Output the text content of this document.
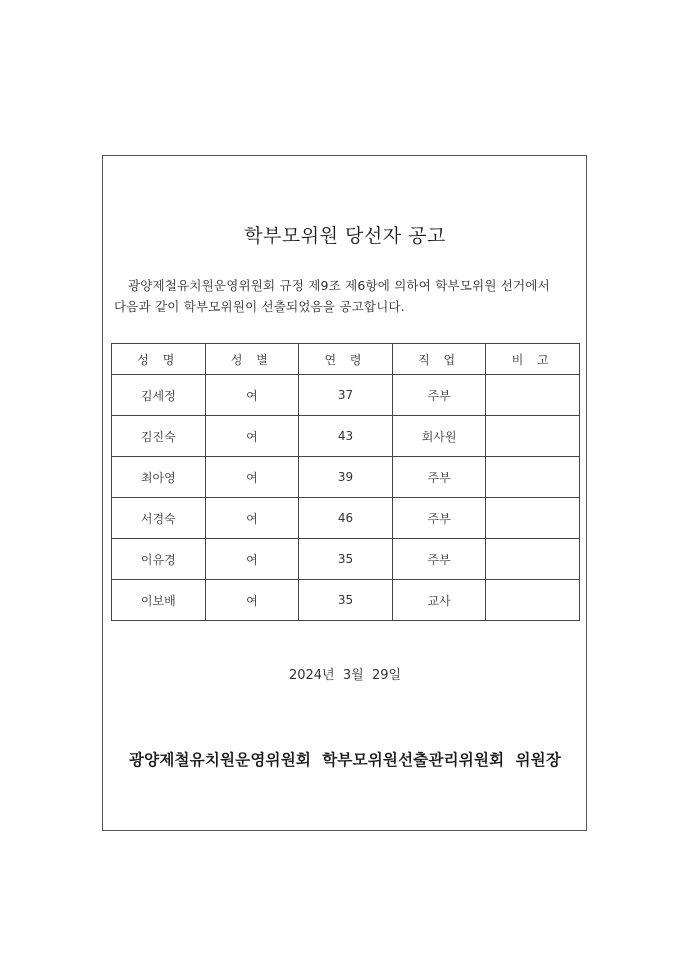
학부모위원 당선자 공고
광양제철유치원운영위원회 규정 제9조 제6항에 의하여 학부모위원 선거에서
다음과 같이 학부모위원이 선출되었음을 공고합니다.
성 명	성 별	연 령	직 업	비 고
김세정	여	37	주부	
김진숙	여	43	회사원	
최아영	여	39	주부	
서경숙	여	46	주부	
이유경	여	35	주부	
이보배	여	35	교사	
2024년  3월  29일
광양제철유치원운영위원회  학부모위원선출관리위원회  위원장
